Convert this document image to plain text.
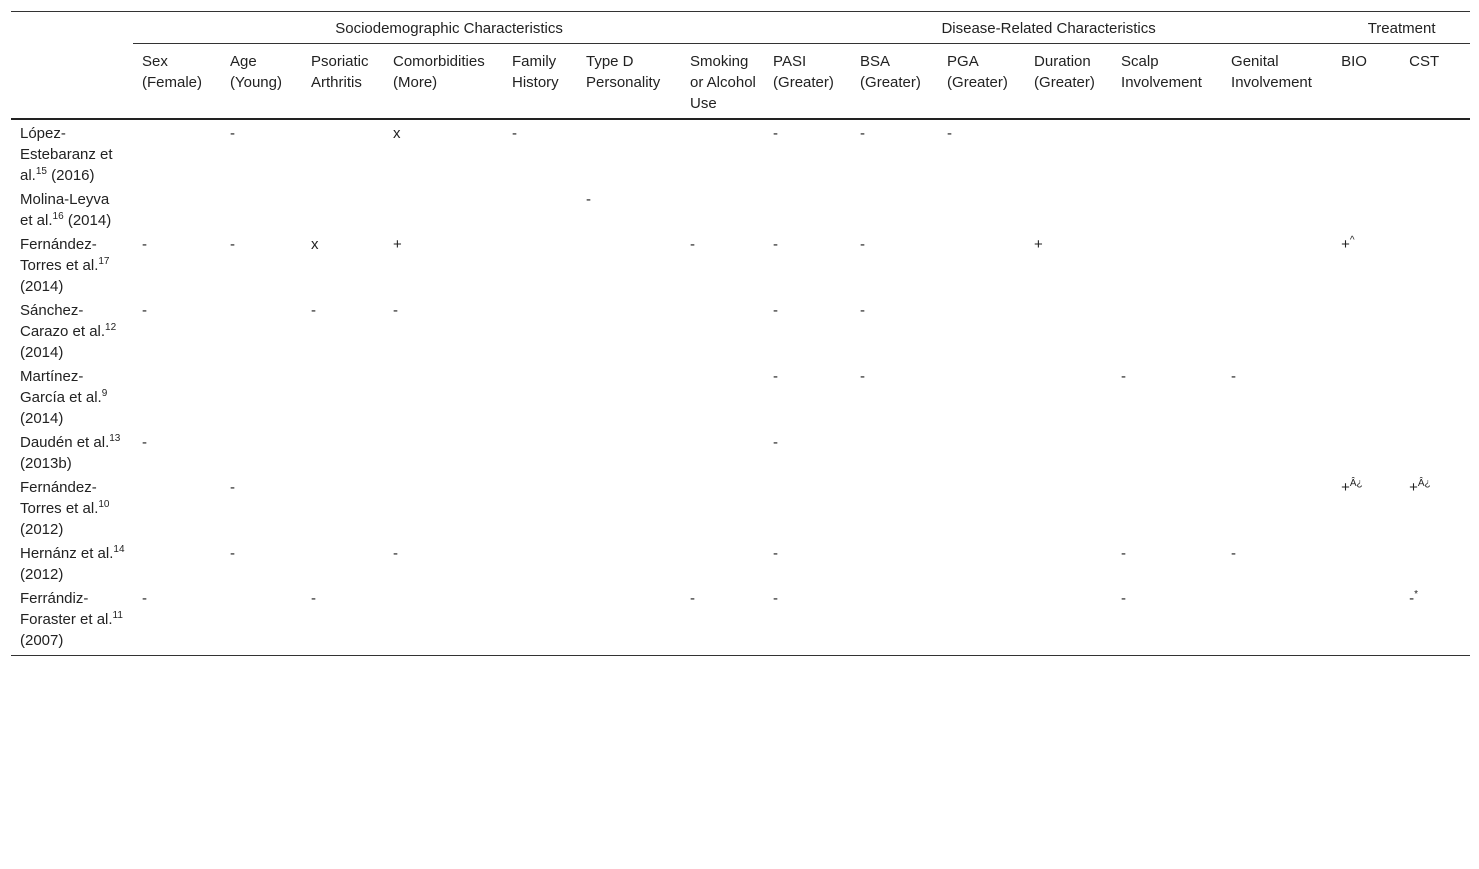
	Sociodemographic Characteristics							Disease-Related Characteristics						Treatment	
	Sex (Female)	Age (Young)	Psoriatic Arthritis	Comorbidities (More)	Family History	Type D Personality	Smoking or Alcohol Use	PASI (Greater)	BSA (Greater)	PGA (Greater)	Duration (Greater)	Scalp Involvement	Genital Involvement	BIO	CST
López-Estebaranz et al.$^{15}$ (2016)		-		x	-			-	-	-					
Molina-Leyva et al.$^{16}$ (2014)						-									
Fernández-Torres et al.$^{17}$ (2014)	-	-	x	+			-	-	-		+			+^	
Sánchez-Carazo et al.$^{12}$ (2014)	-		-	-				-	-						
Martínez-García et al.$^9$ (2014)								-	-			-	-		
Daudén et al.$^{13}$ (2013b)	-							-							
Fernández-Torres et al.$^{10}$ (2012)		-												+$^{Â¿}$	+$^{Â¿}$
Hernánz et al.$^{14}$ (2012)		-		-				-				-	-		
Ferrándiz-Foraster et al.$^{11}$ (2007)	-		-				-	-				-			-*
